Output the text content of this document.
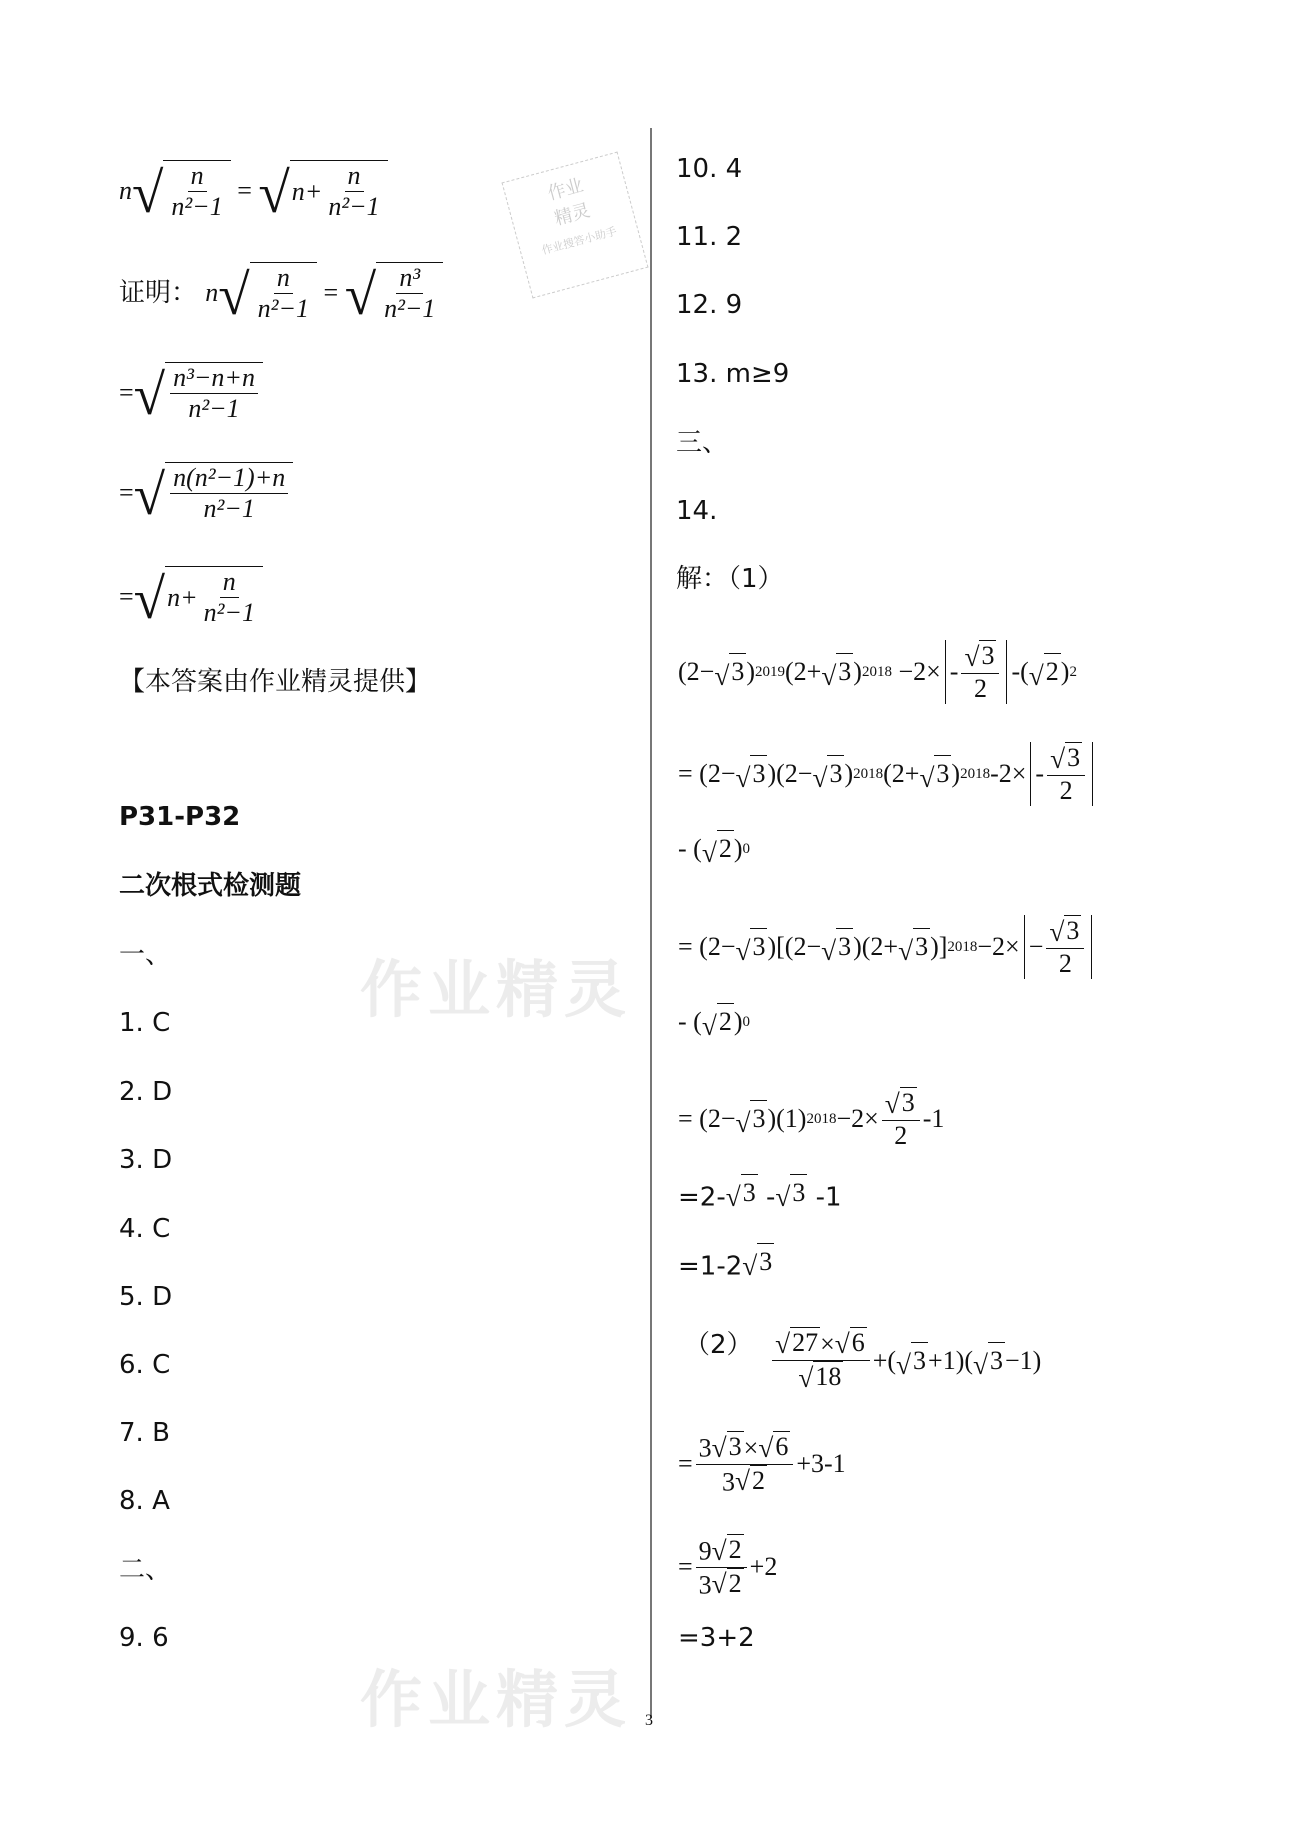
作业精灵
作业精灵
作业
精灵
作业搜答小助手
n √ $\frac{n}{\text{n²−1}}$
=
√ $n+ \frac{n}{\text{n²−1}}$
证明： n √ $\frac{n}{\text{n²−1}}$
=
√ $\frac{\text{n³}}{\text{n²−1}}$
= √ $\frac{\text{n³−n+n}}{\text{n²−1}}$
= √ $\frac{\text{n(n²−1)+n}}{\text{n²−1}}$
= √ $n+ \frac{n}{\text{n²−1}}$
【本答案由作业精灵提供】
P31-P32
二次根式检测题
一、
1. C
2. D
3. D
4. C
5. D
6. C
7. B
8. A
二、
9. 6
10. 4
11. 2
12. 9
13. m≥9
三、
14.
解：（1）
(2− √ 3 ) 2019 (2+ √ 3 ) 2018
$-2\times - \frac{√ 3}{2}$ -( √ 2 ) 2
= (2− √ 3 )(2− √ 3 ) 2018 (2+ √ 3 ) 2018 $-2\times - \frac{√ 3}{2}$
- ( √ 2 ) 0
= (2− √ 3 )[(2− √ 3 )(2+ √ 3 )] $2018 -2\times - \frac{√ 3}{2}$
- ( √ 2 ) 0
= (2− √ 3 )(1) $2018 -2\times \frac{√ 3}{2} -1$
=2- √ 3 - √ 3 -1
=1-2 √ 3
$(2) \frac{√ 27 \times √ 6}{√ 18}$ +( √ 3 +1)( √ 3 −1)
= $\frac{3 √ 3 \times √ 6}{3 √ 2} +3-1$
= $\frac{9 √ 2}{3 √ 2} +2$
=3+2
3
